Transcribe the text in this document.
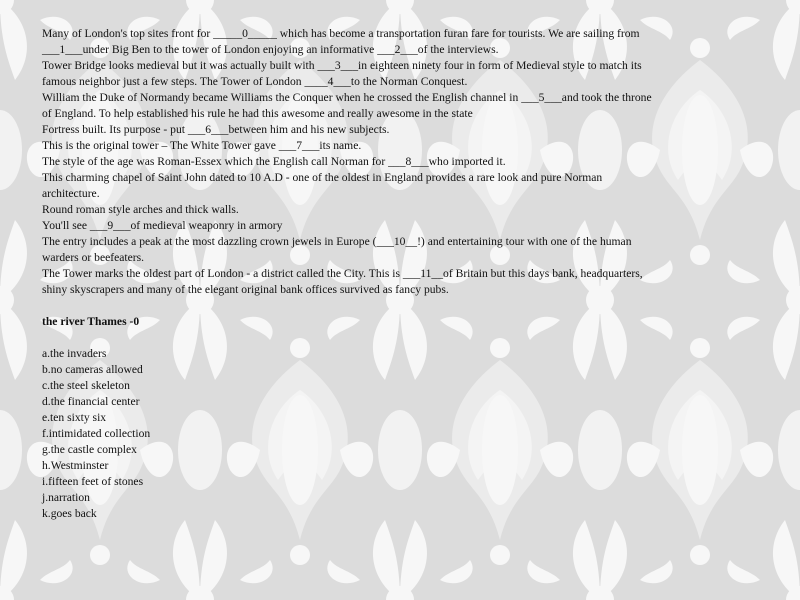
Many of London's top sites front for _____0_____ which has become a transportation furan fare for tourists. We are sailing from
___1___under Big Ben to the tower of London enjoying an informative ___2___of the interviews.
Tower Bridge looks medieval but it was actually built with ___3___in eighteen ninety four in form of Medieval style to match its
famous neighbor just a few steps. The Tower of London ____4___to the Norman Conquest.
William the Duke of Normandy became Williams the Conquer when he crossed the English channel in ___5___and took the throne
of England. To help established his rule he had this awesome and really awesome in the state
Fortress built. Its purpose - put ___6___between him and his new subjects.
This is the original tower – The White Tower gave ___7___its name.
The style of the age was Roman-Essex which the English call Norman for ___8___who imported it.
This charming chapel of Saint John dated to 10 A.D - one of the oldest in England provides a rare look and pure Norman
architecture.
Round roman style arches and thick walls.
You'll see ___9___of medieval weaponry in armory
The entry includes a peak at the most dazzling crown jewels in Europe (___10__!) and entertaining tour with one of the human
warders or beefeaters.
The Tower marks the oldest part of London - a district called the City. This is ___11__of Britain but this days bank, headquarters,
shiny skyscrapers and many of the elegant original bank offices survived as fancy pubs.
the river Thames -0
a.the invaders
b.no cameras allowed
c.the steel skeleton
d.the financial center
e.ten sixty six
f.intimidated collection
g.the castle complex
h.Westminster
i.fifteen feet of stones
j.narration
k.goes back
